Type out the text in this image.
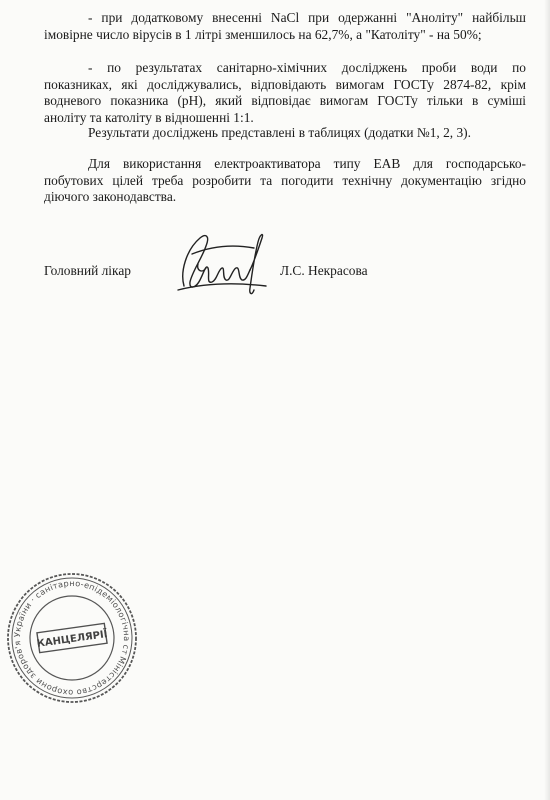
- при додатковому внесенні NaCl при одержанні "Аноліту" найбільш
імовірне число вірусів в 1 літрі зменшилось на 62,7%, а "Католіту" - на 50%;
- по результатах санітарно-хімічних досліджень проби води по
показниках, які досліджувались, відповідають вимогам ГОСТу 2874-82, крім
водневого показника (pH), який відповідає вимогам ГОСТу тільки в суміші
аноліту та католіту в відношенні 1:1.
Результати досліджень представлені в таблицях (додатки №1, 2, 3).
Для використання електроактиватора типу ЕАВ для господарсько-
побутових цілей треба розробити та погодити технічну документацію згідно
діючого законодавства.
Головний лікар	Л.С. Некрасова
Міністерство охорони здоров'я України · санітарно-епідеміологічна станція
КАНЦЕЛЯРІЇ
